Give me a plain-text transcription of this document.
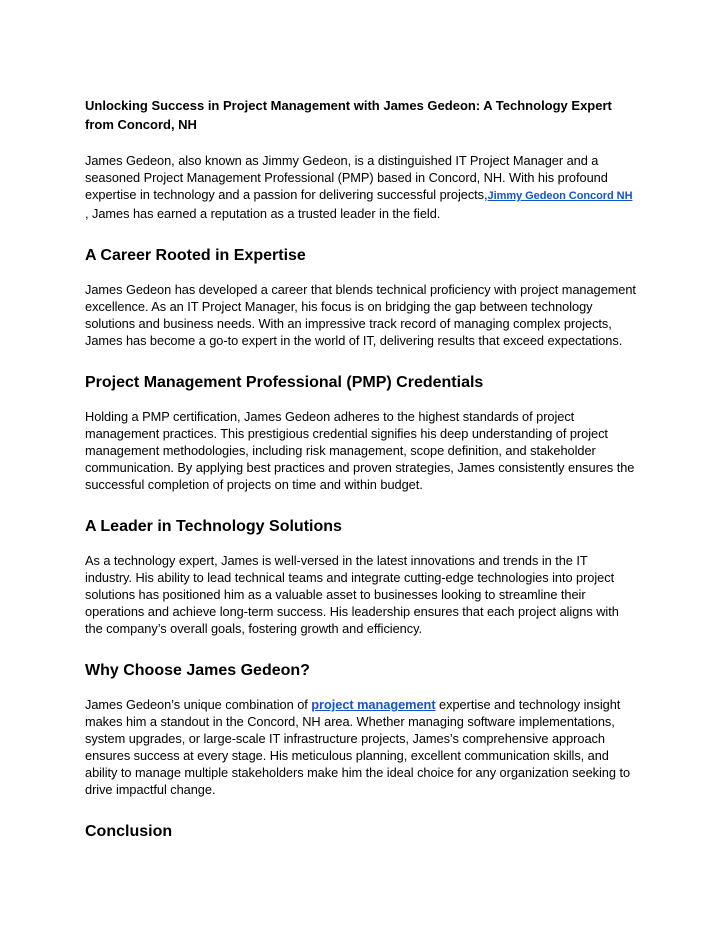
Unlocking Success in Project Management with James Gedeon: A Technology Expert from Concord, NH

James Gedeon, also known as Jimmy Gedeon, is a distinguished IT Project Manager and a seasoned Project Management Professional (PMP) based in Concord, NH. With his profound expertise in technology and a passion for delivering successful projects,Jimmy Gedeon Concord NH , James has earned a reputation as a trusted leader in the field.

A Career Rooted in Expertise

James Gedeon has developed a career that blends technical proficiency with project management excellence. As an IT Project Manager, his focus is on bridging the gap between technology solutions and business needs. With an impressive track record of managing complex projects, James has become a go-to expert in the world of IT, delivering results that exceed expectations.

Project Management Professional (PMP) Credentials

Holding a PMP certification, James Gedeon adheres to the highest standards of project management practices. This prestigious credential signifies his deep understanding of project management methodologies, including risk management, scope definition, and stakeholder communication. By applying best practices and proven strategies, James consistently ensures the successful completion of projects on time and within budget.

A Leader in Technology Solutions

As a technology expert, James is well-versed in the latest innovations and trends in the IT industry. His ability to lead technical teams and integrate cutting-edge technologies into project solutions has positioned him as a valuable asset to businesses looking to streamline their operations and achieve long-term success. His leadership ensures that each project aligns with the company’s overall goals, fostering growth and efficiency.

Why Choose James Gedeon?

James Gedeon’s unique combination of project management expertise and technology insight makes him a standout in the Concord, NH area. Whether managing software implementations, system upgrades, or large-scale IT infrastructure projects, James’s comprehensive approach ensures success at every stage. His meticulous planning, excellent communication skills, and ability to manage multiple stakeholders make him the ideal choice for any organization seeking to drive impactful change.

Conclusion
